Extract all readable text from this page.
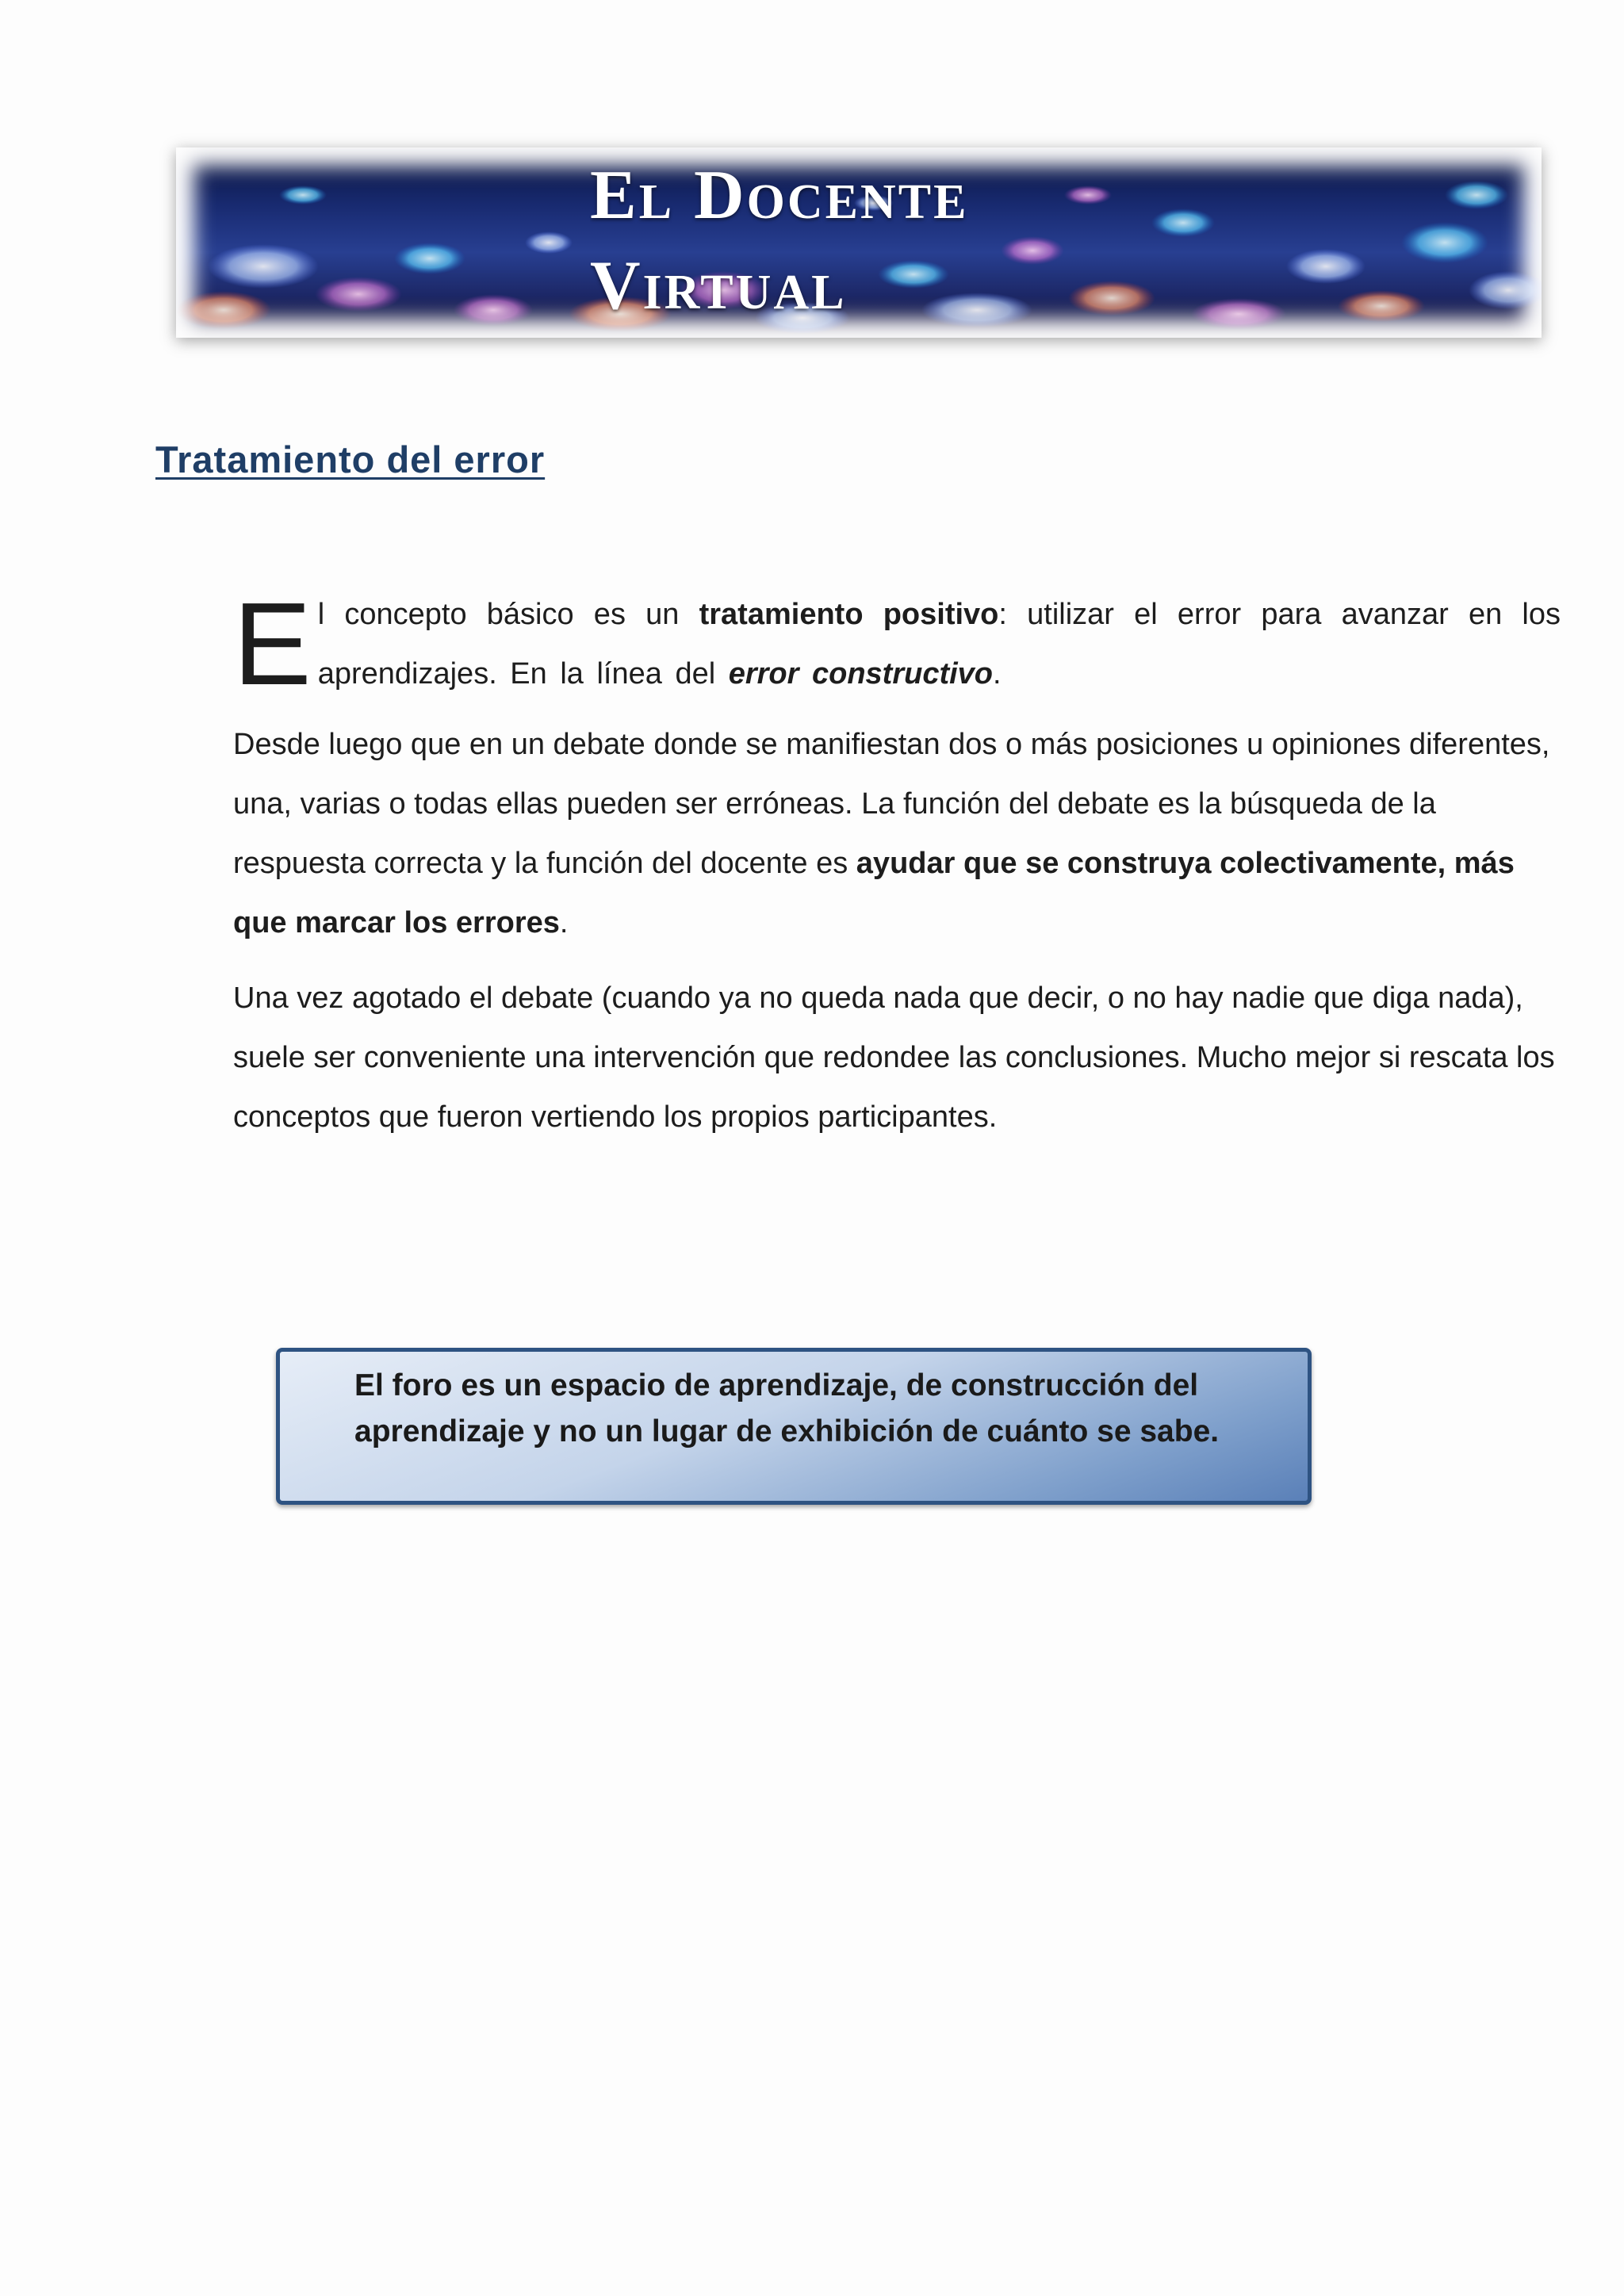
El Docente Virtual
Tratamiento del error

El concepto básico es un tratamiento positivo: utilizar el error para avanzar en los aprendizajes. En la línea del error constructivo.

Desde luego que en un debate donde se manifiestan dos o más posiciones u opiniones diferentes, una, varias o todas ellas pueden ser erróneas. La función del debate es la búsqueda de la respuesta correcta y la función del docente es ayudar que se construya colectivamente, más que marcar los errores.

Una vez agotado el debate (cuando ya no queda nada que decir, o no hay nadie que diga nada), suele ser conveniente una intervención que redondee las conclusiones. Mucho mejor si rescata los conceptos que fueron vertiendo los propios participantes.

El foro es un espacio de aprendizaje, de construcción del aprendizaje y no un lugar de exhibición de cuánto se sabe.
